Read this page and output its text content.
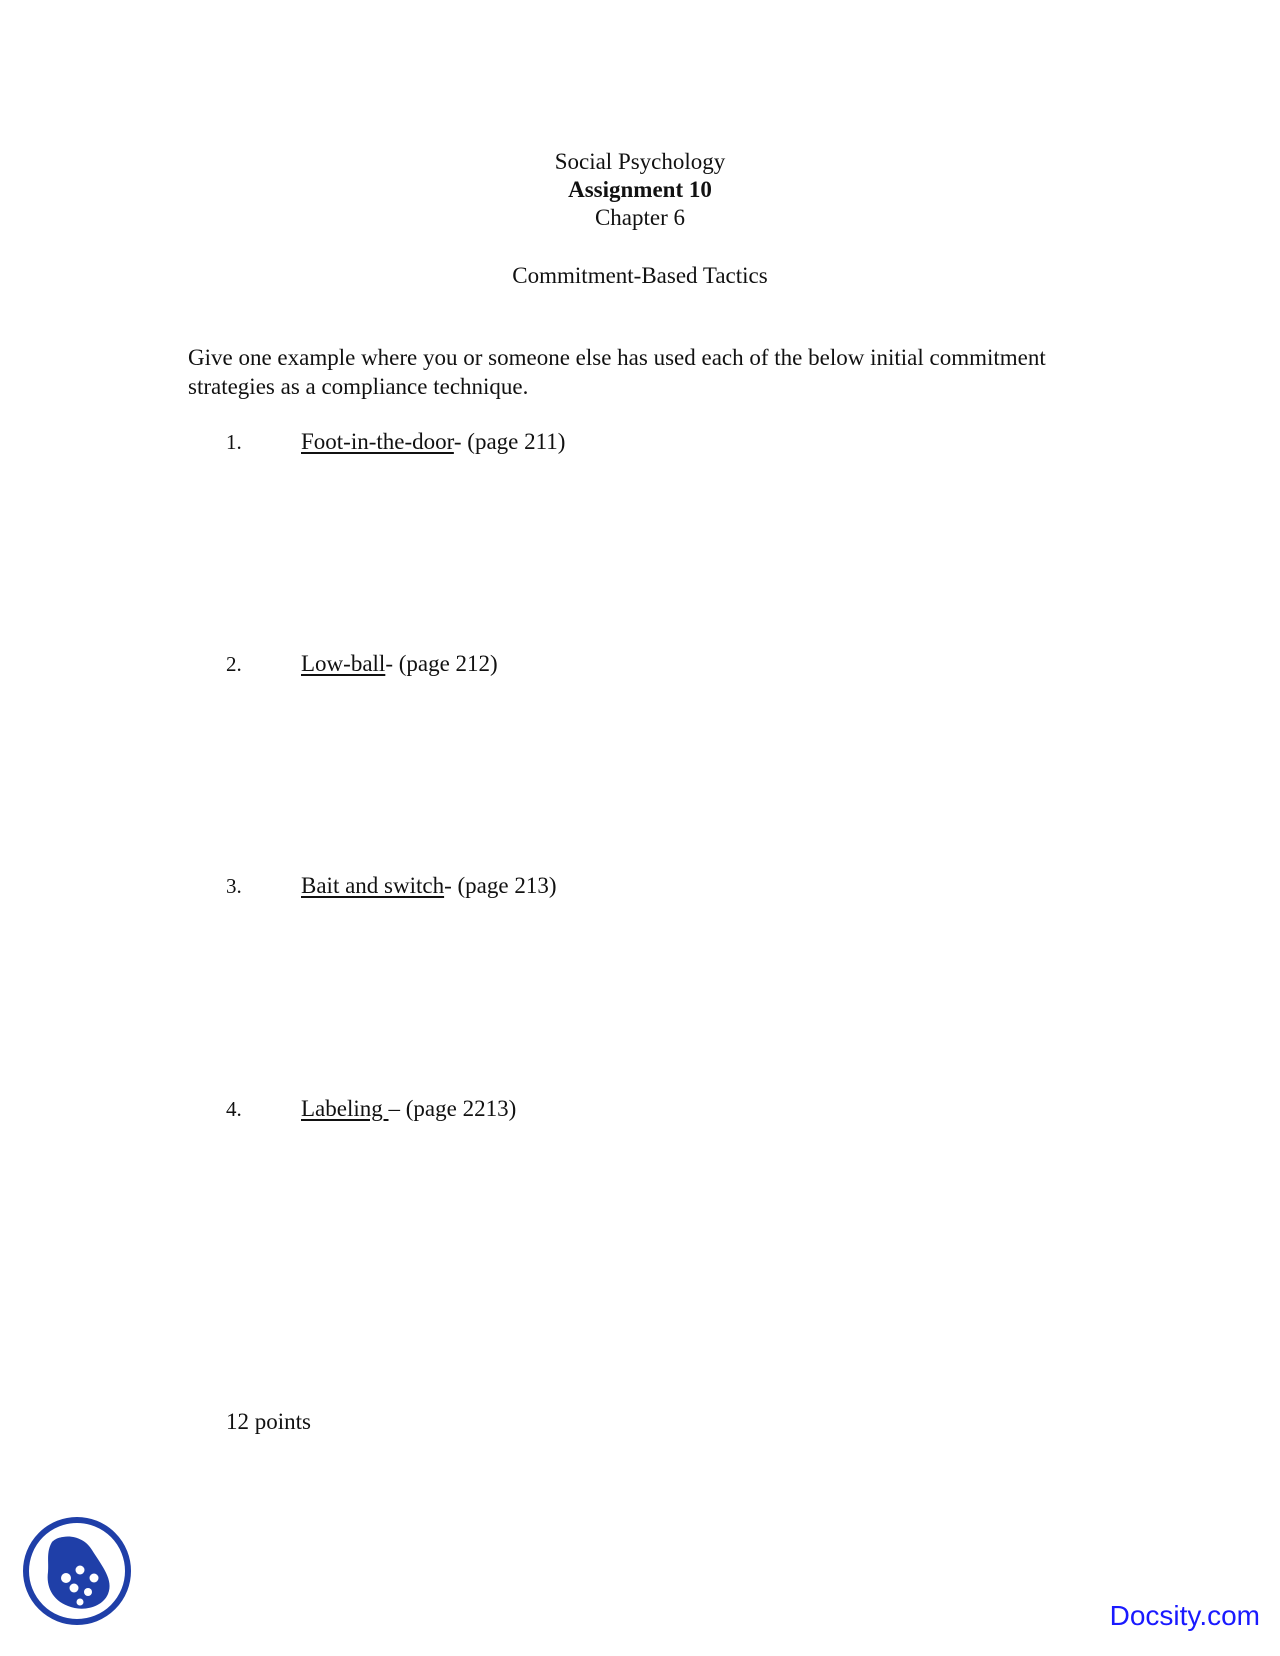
Social Psychology
Assignment 10
Chapter 6
Commitment-Based Tactics
Give one example where you or someone else has used each of the below initial commitment strategies as a compliance technique.
1.	Foot-in-the-door- (page 211)
2.	Low-ball- (page 212)
3.	Bait and switch- (page 213)
4.	Labeling – (page 2213)
12 points
Docsity.com
